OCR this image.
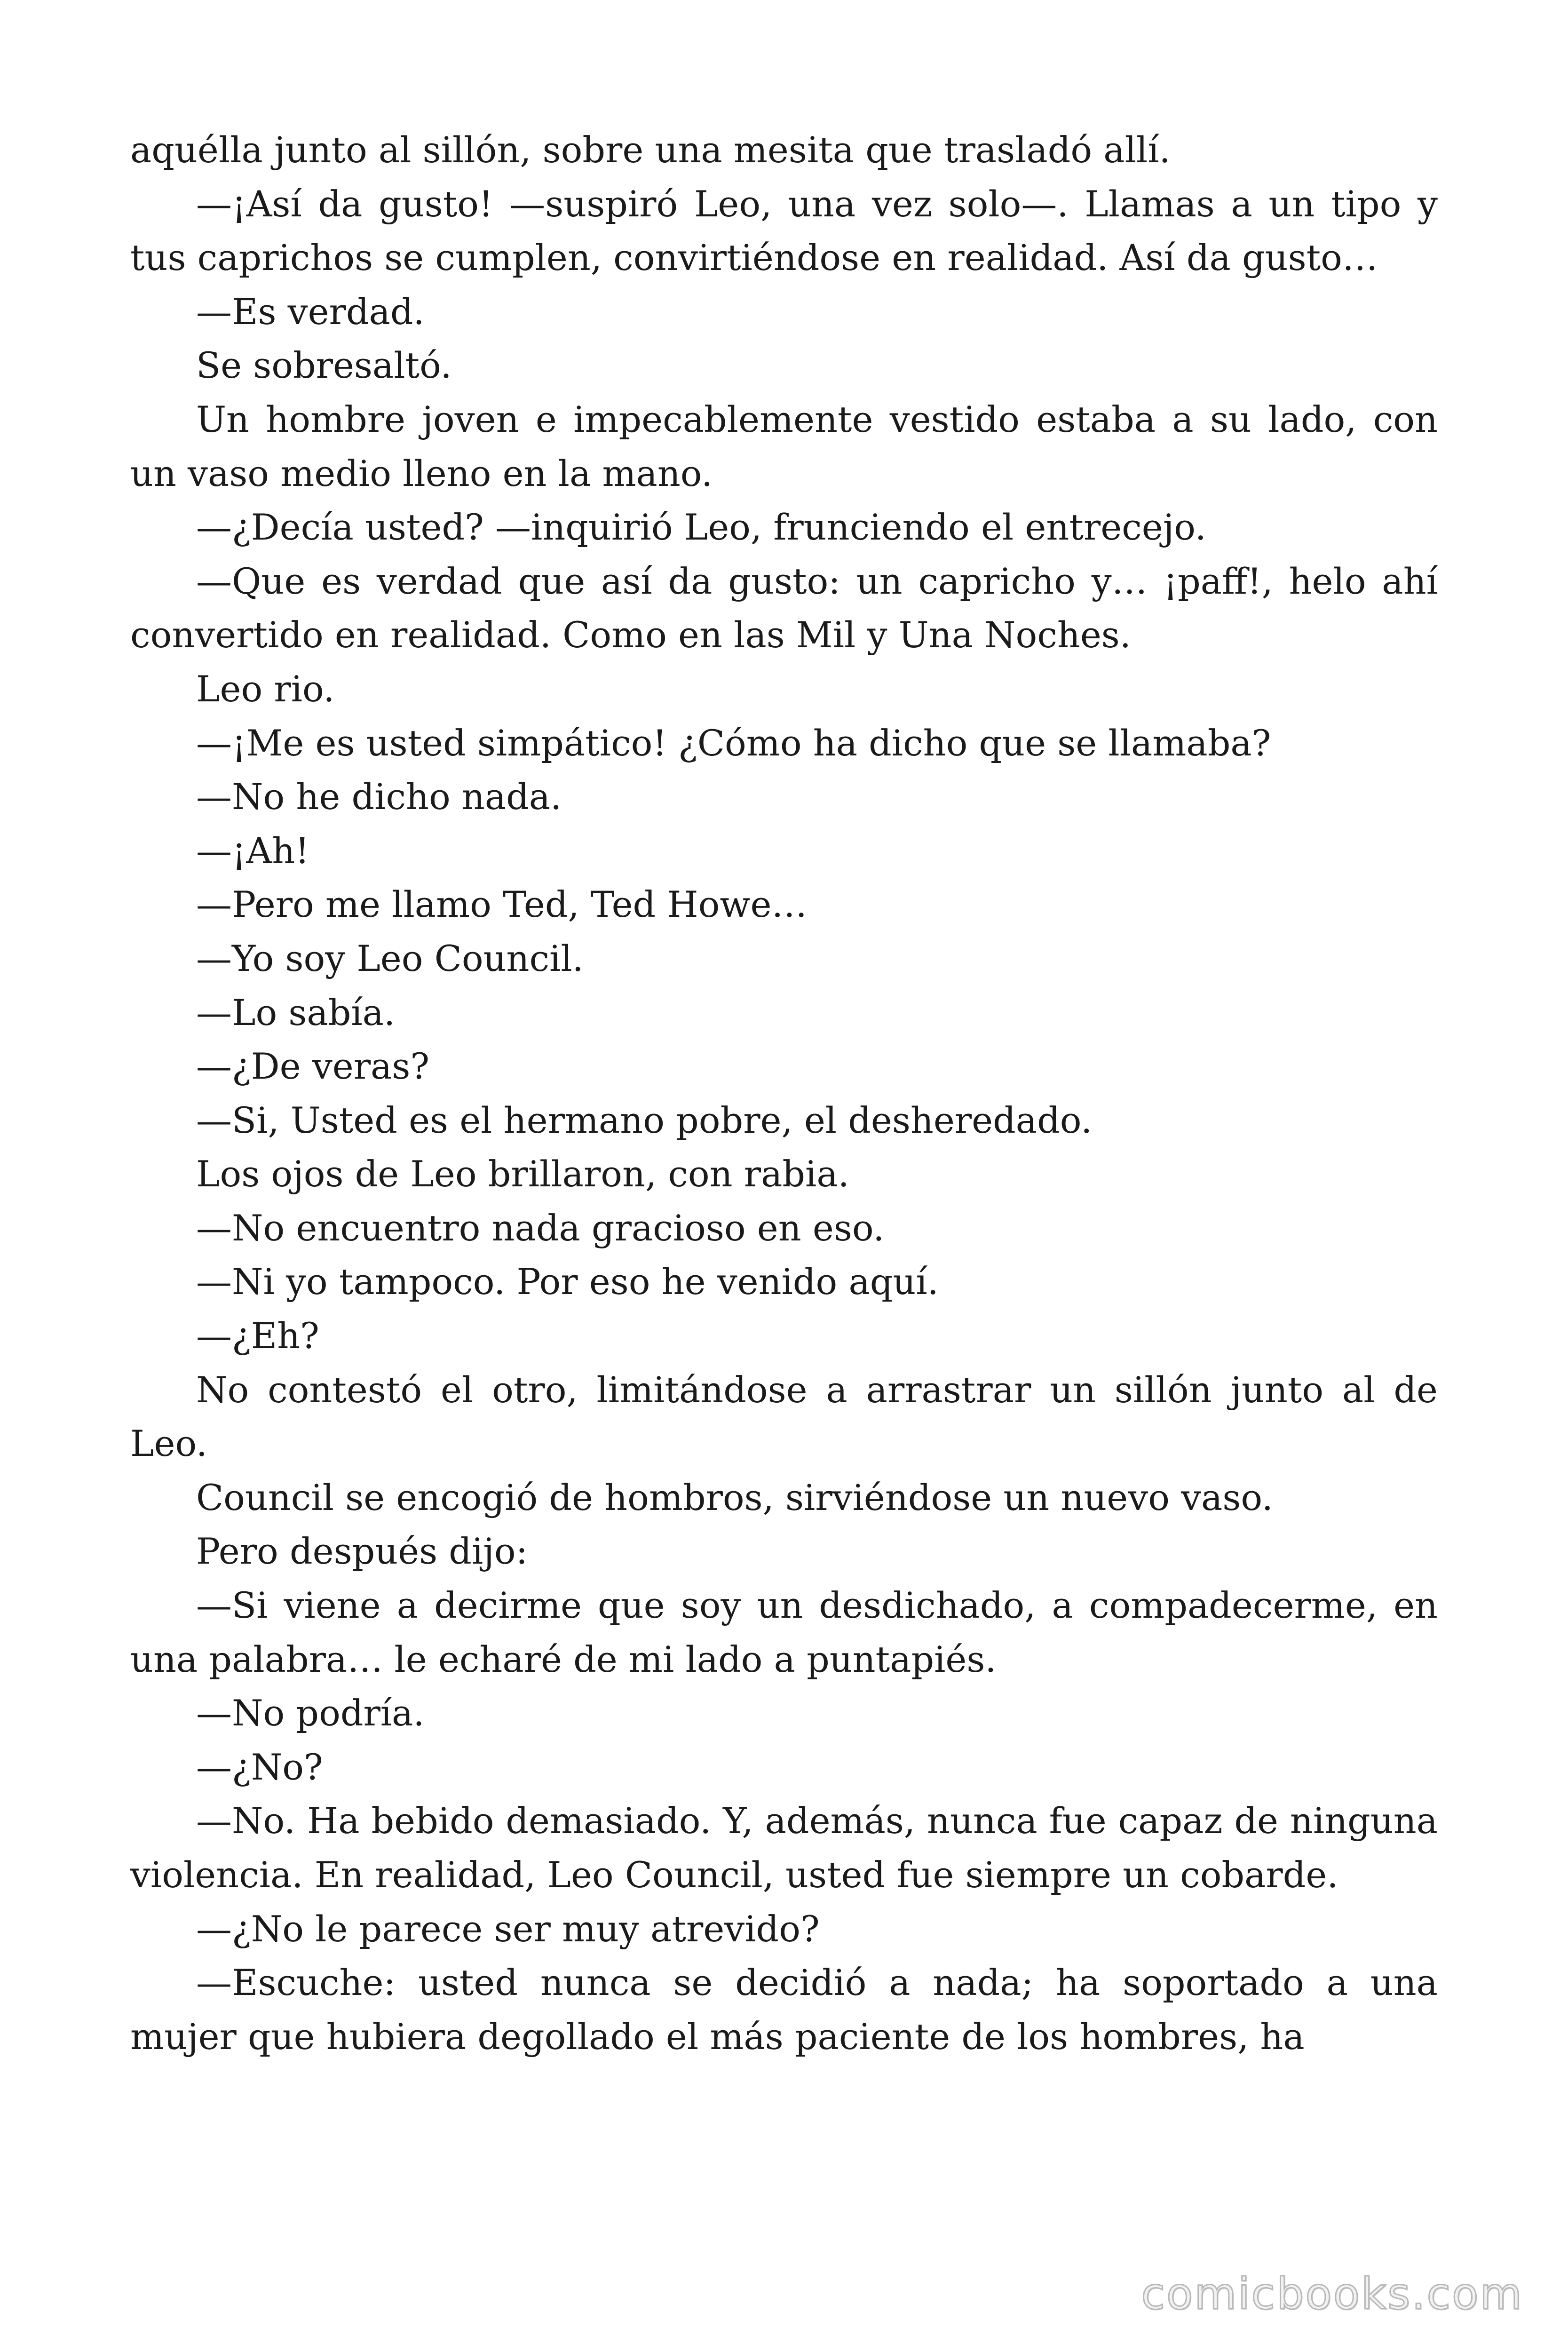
aquélla junto al sillón, sobre una mesita que trasladó allí.

—¡Así da gusto! —suspiró Leo, una vez solo—. Llamas a un tipo y tus caprichos se cumplen, convirtiéndose en realidad. Así da gusto…

—Es verdad.

Se sobresaltó.

Un hombre joven e impecablemente vestido estaba a su lado, con un vaso medio lleno en la mano.

—¿Decía usted? —inquirió Leo, frunciendo el entrecejo.

—Que es verdad que así da gusto: un capricho y… ¡paff!, helo ahí convertido en realidad. Como en las Mil y Una Noches.

Leo rio.

—¡Me es usted simpático! ¿Cómo ha dicho que se llamaba?

—No he dicho nada.

—¡Ah!

—Pero me llamo Ted, Ted Howe…

—Yo soy Leo Council.

—Lo sabía.

—¿De veras?

—Si, Usted es el hermano pobre, el desheredado.

Los ojos de Leo brillaron, con rabia.

—No encuentro nada gracioso en eso.

—Ni yo tampoco. Por eso he venido aquí.

—¿Eh?

No contestó el otro, limitándose a arrastrar un sillón junto al de Leo.

Council se encogió de hombros, sirviéndose un nuevo vaso.

Pero después dijo:

—Si viene a decirme que soy un desdichado, a compadecerme, en una palabra… le echaré de mi lado a puntapiés.

—No podría.

—¿No?

—No. Ha bebido demasiado. Y, además, nunca fue capaz de ninguna violencia. En realidad, Leo Council, usted fue siempre un cobarde.

—¿No le parece ser muy atrevido?

—Escuche: usted nunca se decidió a nada; ha soportado a una mujer que hubiera degollado el más paciente de los hombres, ha

comicbooks.com
